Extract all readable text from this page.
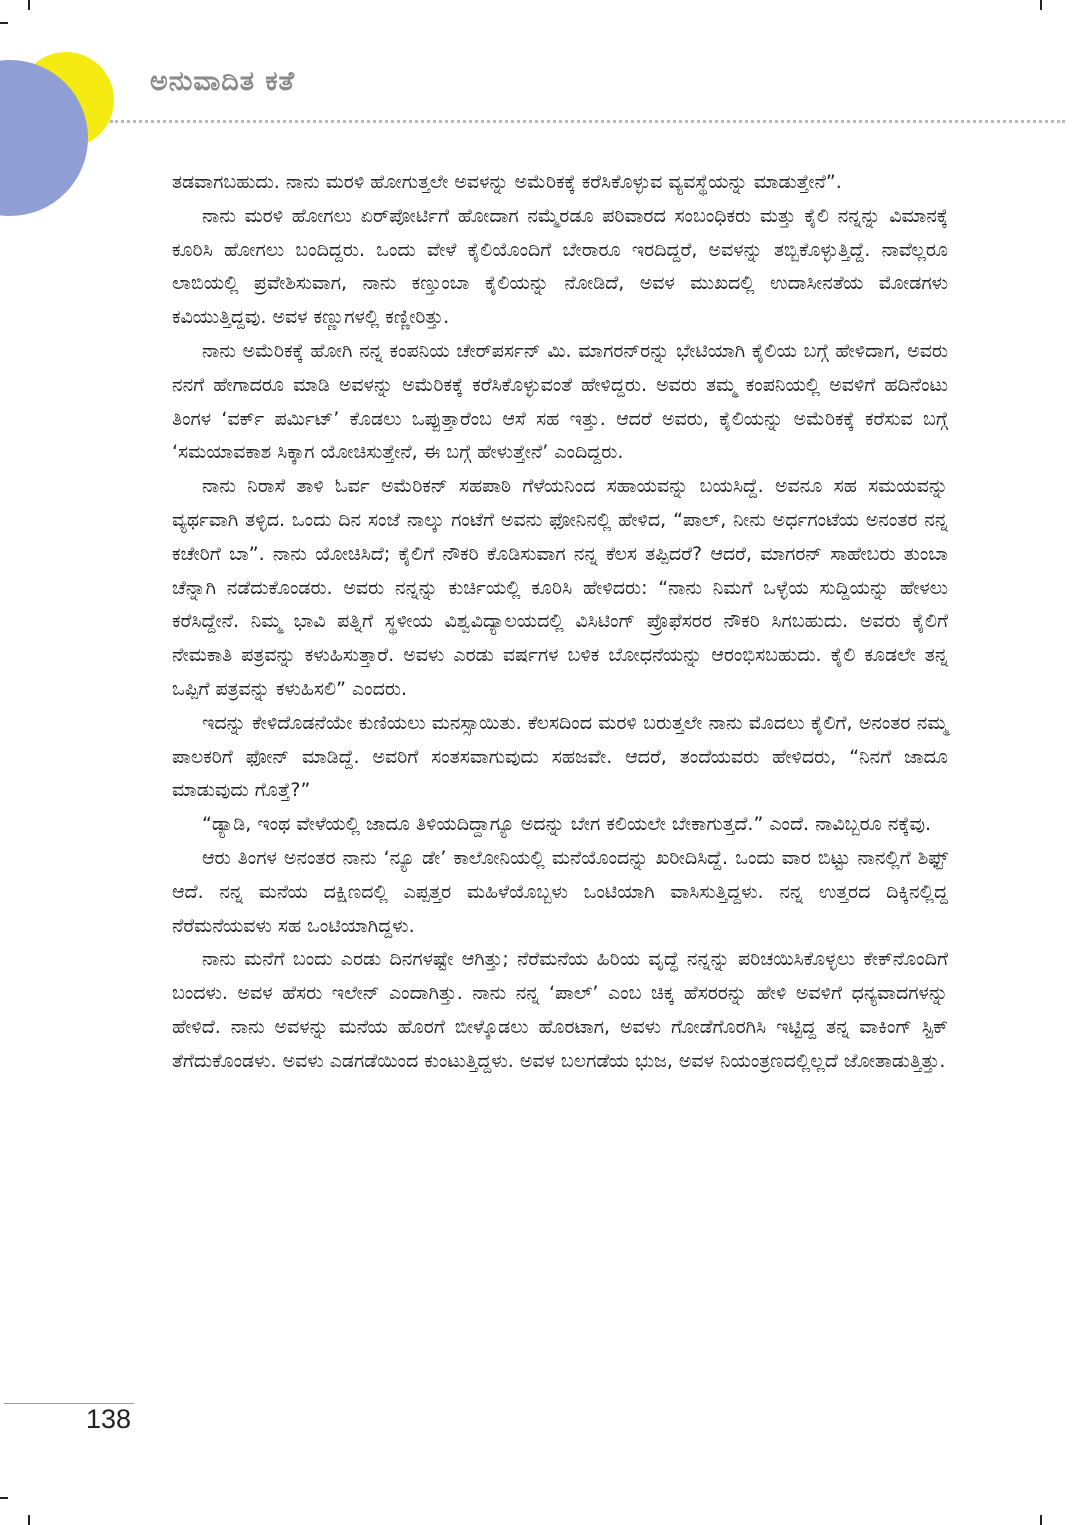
ಅನುವಾದಿತ ಕತೆ

ತಡವಾಗಬಹುದು. ನಾನು ಮರಳಿ ಹೋಗುತ್ತಲೇ ಅವಳನ್ನು ಅಮೆರಿಕಕ್ಕೆ ಕರೆಸಿಕೊಳ್ಳುವ ವ್ಯವಸ್ಥೆಯನ್ನು ಮಾಡುತ್ತೇನೆ”.

ನಾನು ಮರಳಿ ಹೋಗಲು ಏರ್‌ಪೋರ್ಟಿಗೆ ಹೋದಾಗ ನಮ್ಮೆರಡೂ ಪರಿವಾರದ ಸಂಬಂಧಿಕರು ಮತ್ತು ಕೈಲಿ ನನ್ನನ್ನು ವಿಮಾನಕ್ಕೆ ಕೂರಿಸಿ ಹೋಗಲು ಬಂದಿದ್ದರು. ಒಂದು ವೇಳೆ ಕೈಲಿಯೊಂದಿಗೆ ಬೇರಾರೂ ಇರದಿದ್ದರೆ, ಅವಳನ್ನು ತಬ್ಬಿಕೊಳ್ಳುತ್ತಿದ್ದೆ. ನಾವೆಲ್ಲರೂ ಲಾಬಿಯಲ್ಲಿ ಪ್ರವೇಶಿಸುವಾಗ, ನಾನು ಕಣ್ತುಂಬಾ ಕೈಲಿಯನ್ನು ನೋಡಿದೆ, ಅವಳ ಮುಖದಲ್ಲಿ ಉದಾಸೀನತೆಯ ಮೋಡಗಳು ಕವಿಯುತ್ತಿದ್ದವು. ಅವಳ ಕಣ್ಣುಗಳಲ್ಲಿ ಕಣ್ಣೀರಿತ್ತು.

ನಾನು ಅಮೆರಿಕಕ್ಕೆ ಹೋಗಿ ನನ್ನ ಕಂಪನಿಯ ಚೇರ್‌ಪರ್ಸನ್ ಮಿ. ಮಾಗರನ್‌ರನ್ನು ಭೇಟಿಯಾಗಿ ಕೈಲಿಯ ಬಗ್ಗೆ ಹೇಳಿದಾಗ, ಅವರು ನನಗೆ ಹೇಗಾದರೂ ಮಾಡಿ ಅವಳನ್ನು ಅಮೆರಿಕಕ್ಕೆ ಕರೆಸಿಕೊಳ್ಳುವಂತೆ ಹೇಳಿದ್ದರು. ಅವರು ತಮ್ಮ ಕಂಪನಿಯಲ್ಲಿ ಅವಳಿಗೆ ಹದಿನೆಂಟು ತಿಂಗಳ ‘ವರ್ಕ್ ಪರ್ಮಿಟ್’ ಕೊಡಲು ಒಪ್ಪುತ್ತಾರೆಂಬ ಆಸೆ ಸಹ ಇತ್ತು. ಆದರೆ ಅವರು, ಕೈಲಿಯನ್ನು ಅಮೆರಿಕಕ್ಕೆ ಕರೆಸುವ ಬಗ್ಗೆ ‘ಸಮಯಾವಕಾಶ ಸಿಕ್ಕಾಗ ಯೋಚಿಸುತ್ತೇನೆ, ಈ ಬಗ್ಗೆ ಹೇಳುತ್ತೇನೆ’ ಎಂದಿದ್ದರು.

ನಾನು ನಿರಾಸೆ ತಾಳಿ ಓರ್ವ ಅಮೆರಿಕನ್ ಸಹಪಾಠಿ ಗೆಳೆಯನಿಂದ ಸಹಾಯವನ್ನು ಬಯಸಿದ್ದೆ. ಅವನೂ ಸಹ ಸಮಯವನ್ನು ವ್ಯರ್ಥವಾಗಿ ತಳ್ಳಿದ. ಒಂದು ದಿನ ಸಂಜೆ ನಾಲ್ಕು ಗಂಟೆಗೆ ಅವನು ಫೋನಿನಲ್ಲಿ ಹೇಳಿದ, “ಪಾಲ್, ನೀನು ಅರ್ಧಗಂಟೆಯ ಅನಂತರ ನನ್ನ ಕಚೇರಿಗೆ ಬಾ”. ನಾನು ಯೋಚಿಸಿದೆ; ಕೈಲಿಗೆ ನೌಕರಿ ಕೊಡಿಸುವಾಗ ನನ್ನ ಕೆಲಸ ತಪ್ಪಿದರೆ? ಆದರೆ, ಮಾಗರನ್ ಸಾಹೇಬರು ತುಂಬಾ ಚೆನ್ನಾಗಿ ನಡೆದುಕೊಂಡರು. ಅವರು ನನ್ನನ್ನು ಕುರ್ಚಿಯಲ್ಲಿ ಕೂರಿಸಿ ಹೇಳಿದರು: “ನಾನು ನಿಮಗೆ ಒಳ್ಳೆಯ ಸುದ್ದಿಯನ್ನು ಹೇಳಲು ಕರೆಸಿದ್ದೇನೆ. ನಿಮ್ಮ ಭಾವಿ ಪತ್ನಿಗೆ ಸ್ಥಳೀಯ ವಿಶ್ವವಿದ್ಯಾಲಯದಲ್ಲಿ ವಿಸಿಟಿಂಗ್ ಪ್ರೊಫೆಸರರ ನೌಕರಿ ಸಿಗಬಹುದು. ಅವರು ಕೈಲಿಗೆ ನೇಮಕಾತಿ ಪತ್ರವನ್ನು ಕಳುಹಿಸುತ್ತಾರೆ. ಅವಳು ಎರಡು ವರ್ಷಗಳ ಬಳಿಕ ಬೋಧನೆಯನ್ನು ಆರಂಭಿಸಬಹುದು. ಕೈಲಿ ಕೂಡಲೇ ತನ್ನ ಒಪ್ಪಿಗೆ ಪತ್ರವನ್ನು ಕಳುಹಿಸಲಿ” ಎಂದರು.

ಇದನ್ನು ಕೇಳಿದೊಡನೆಯೇ ಕುಣಿಯಲು ಮನಸ್ಸಾಯಿತು. ಕೆಲಸದಿಂದ ಮರಳಿ ಬರುತ್ತಲೇ ನಾನು ಮೊದಲು ಕೈಲಿಗೆ, ಅನಂತರ ನಮ್ಮ ಪಾಲಕರಿಗೆ ಫೋನ್ ಮಾಡಿದ್ದೆ. ಅವರಿಗೆ ಸಂತಸವಾಗುವುದು ಸಹಜವೇ. ಆದರೆ, ತಂದೆಯವರು ಹೇಳಿದರು, “ನಿನಗೆ ಜಾದೂ ಮಾಡುವುದು ಗೊತ್ತೆ?”

“ಡ್ಯಾಡಿ, ಇಂಥ ವೇಳೆಯಲ್ಲಿ ಜಾದೂ ತಿಳಿಯದಿದ್ದಾಗ್ಯೂ ಅದನ್ನು ಬೇಗ ಕಲಿಯಲೇ ಬೇಕಾಗುತ್ತದೆ.” ಎಂದೆ. ನಾವಿಬ್ಬರೂ ನಕ್ಕೆವು.

ಆರು ತಿಂಗಳ ಅನಂತರ ನಾನು ‘ನ್ಯೂ ಡೇ’ ಕಾಲೋನಿಯಲ್ಲಿ ಮನೆಯೊಂದನ್ನು ಖರೀದಿಸಿದ್ದೆ. ಒಂದು ವಾರ ಬಿಟ್ಟು ನಾನಲ್ಲಿಗೆ ಶಿಫ್ಟ್ ಆದೆ. ನನ್ನ ಮನೆಯ ದಕ್ಷಿಣದಲ್ಲಿ ಎಪ್ಪತ್ತರ ಮಹಿಳೆಯೊಬ್ಬಳು ಒಂಟಿಯಾಗಿ ವಾಸಿಸುತ್ತಿದ್ದಳು. ನನ್ನ ಉತ್ತರದ ದಿಕ್ಕಿನಲ್ಲಿದ್ದ ನೆರೆಮನೆಯವಳು ಸಹ ಒಂಟಿಯಾಗಿದ್ದಳು.

ನಾನು ಮನೆಗೆ ಬಂದು ಎರಡು ದಿನಗಳಷ್ಟೇ ಆಗಿತ್ತು; ನೆರೆಮನೆಯ ಹಿರಿಯ ವೃದ್ಧೆ ನನ್ನನ್ನು ಪರಿಚಯಿಸಿಕೊಳ್ಳಲು ಕೇಕ್‌ನೊಂದಿಗೆ ಬಂದಳು. ಅವಳ ಹೆಸರು ಇಲೇನ್ ಎಂದಾಗಿತ್ತು. ನಾನು ನನ್ನ ‘ಪಾಲ್’ ಎಂಬ ಚಿಕ್ಕ ಹೆಸರರನ್ನು ಹೇಳಿ ಅವಳಿಗೆ ಧನ್ಯವಾದಗಳನ್ನು ಹೇಳಿದೆ. ನಾನು ಅವಳನ್ನು ಮನೆಯ ಹೊರಗೆ ಬೀಳ್ಕೊಡಲು ಹೊರಟಾಗ, ಅವಳು ಗೋಡೆಗೊರಗಿಸಿ ಇಟ್ಟಿದ್ದ ತನ್ನ ವಾಕಿಂಗ್ ಸ್ಟಿಕ್ ತೆಗೆದುಕೊಂಡಳು. ಅವಳು ಎಡಗಡೆಯಿಂದ ಕುಂಟುತ್ತಿದ್ದಳು. ಅವಳ ಬಲಗಡೆಯ ಭುಜ, ಅವಳ ನಿಯಂತ್ರಣದಲ್ಲಿಲ್ಲದೆ ಜೋತಾಡುತ್ತಿತ್ತು.

138
